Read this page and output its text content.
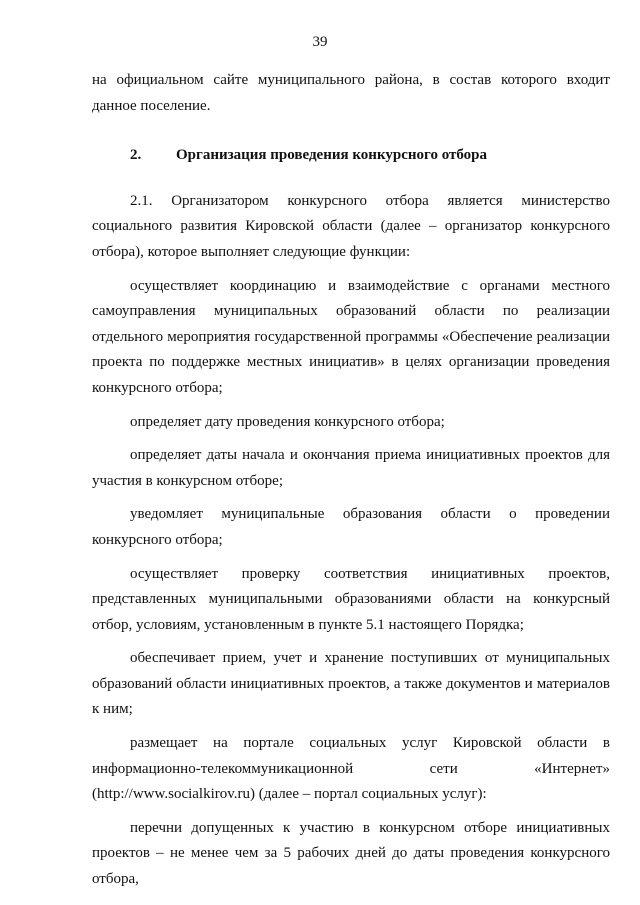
39

на официальном сайте муниципального района, в состав которого входит данное поселение.

2.	Организация проведения конкурсного отбора

2.1. Организатором конкурсного отбора является министерство социального развития Кировской области (далее – организатор конкурсного отбора), которое выполняет следующие функции:

осуществляет координацию и взаимодействие с органами местного самоуправления муниципальных образований области по реализации отдельного мероприятия государственной программы «Обеспечение реализации проекта по поддержке местных инициатив» в целях организации проведения конкурсного отбора;

определяет дату проведения конкурсного отбора;

определяет даты начала и окончания приема инициативных проектов для участия в конкурсном отборе;

уведомляет муниципальные образования области о проведении конкурсного отбора;

осуществляет проверку соответствия инициативных проектов, представленных муниципальными образованиями области на конкурсный отбор, условиям, установленным в пункте 5.1 настоящего Порядка;

обеспечивает прием, учет и хранение поступивших от муниципальных образований области инициативных проектов, а также документов и материалов к ним;

размещает на портале социальных услуг Кировской области в информационно-телекоммуникационной сети «Интернет» (http://www.socialkirov.ru) (далее – портал социальных услуг):

перечни допущенных к участию в конкурсном отборе инициативных проектов – не менее чем за 5 рабочих дней до даты проведения конкурсного отбора,
